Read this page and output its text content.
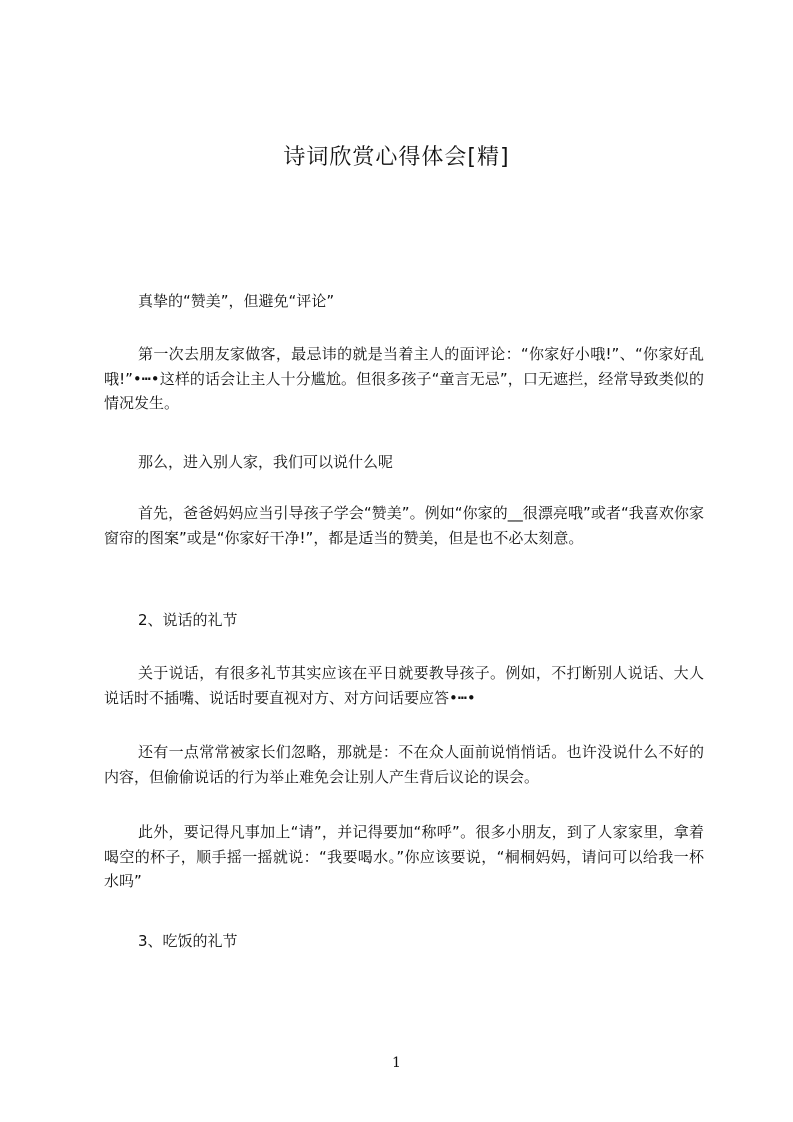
诗词欣赏心得体会[精]

真挚的“赞美”，但避免“评论”

第一次去朋友家做客，最忌讳的就是当着主人的面评论：“你家好小哦!”、“你家好乱哦!”•┅•这样的话会让主人十分尴尬。但很多孩子“童言无忌”，口无遮拦，经常导致类似的情况发生。

那么，进入别人家，我们可以说什么呢

首先，爸爸妈妈应当引导孩子学会“赞美”。例如“你家的__很漂亮哦”或者“我喜欢你家窗帘的图案”或是“你家好干净!”，都是适当的赞美，但是也不必太刻意。

2、说话的礼节

关于说话，有很多礼节其实应该在平日就要教导孩子。例如，不打断别人说话、大人说话时不插嘴、说话时要直视对方、对方问话要应答•┅•

还有一点常常被家长们忽略，那就是：不在众人面前说悄悄话。也许没说什么不好的内容，但偷偷说话的行为举止难免会让别人产生背后议论的误会。

此外，要记得凡事加上“请”，并记得要加“称呼”。很多小朋友，到了人家家里，拿着喝空的杯子，顺手摇一摇就说：“我要喝水。”你应该要说，“桐桐妈妈，请问可以给我一杯水吗”

3、吃饭的礼节

1
